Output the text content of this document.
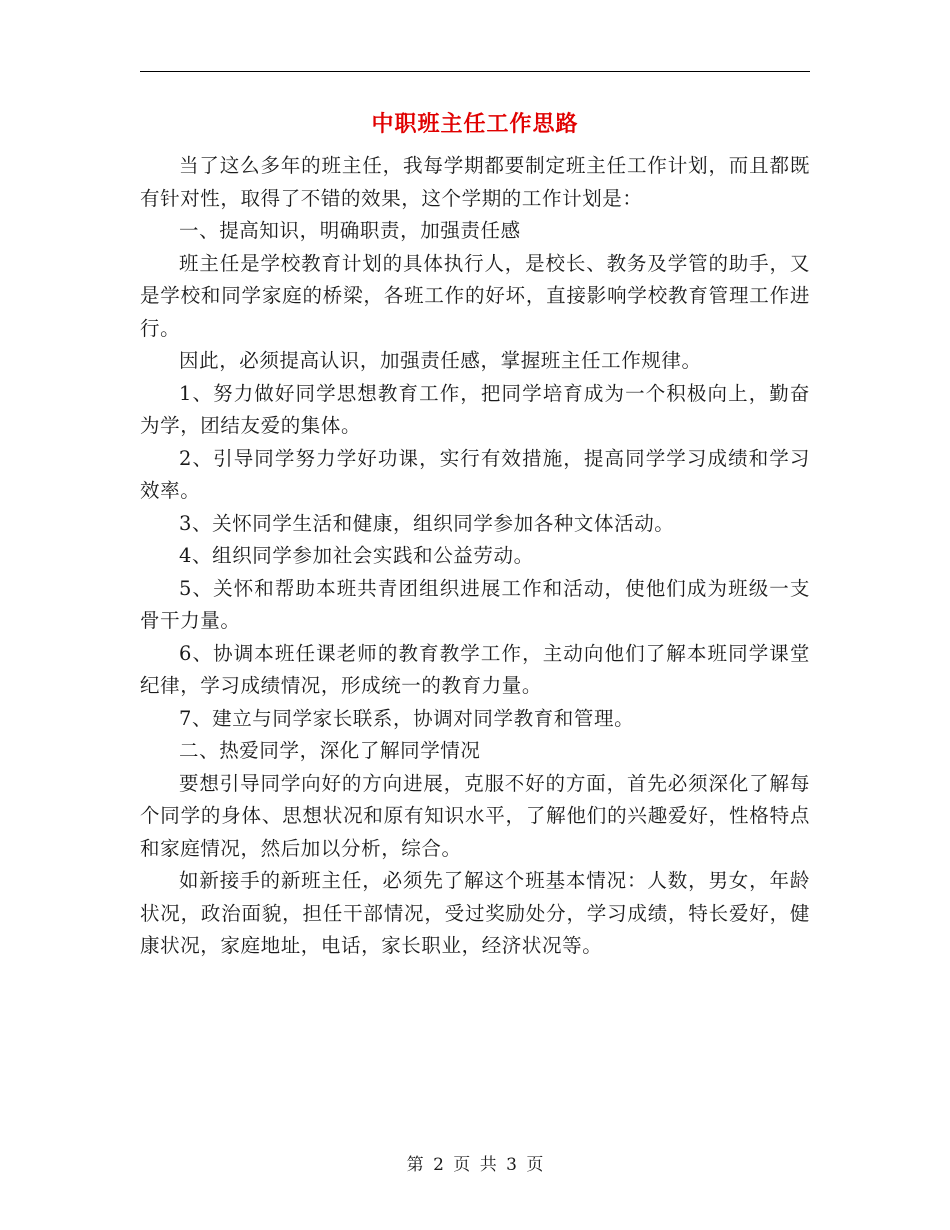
中职班主任工作思路

当了这么多年的班主任，我每学期都要制定班主任工作计划，而且都既有针对性，取得了不错的效果，这个学期的工作计划是：

一、提高知识，明确职责，加强责任感

班主任是学校教育计划的具体执行人，是校长、教务及学管的助手，又是学校和同学家庭的桥梁，各班工作的好坏，直接影响学校教育管理工作进行。

因此，必须提高认识，加强责任感，掌握班主任工作规律。

1、努力做好同学思想教育工作，把同学培育成为一个积极向上，勤奋为学，团结友爱的集体。

2、引导同学努力学好功课，实行有效措施，提高同学学习成绩和学习效率。

3、关怀同学生活和健康，组织同学参加各种文体活动。

4、组织同学参加社会实践和公益劳动。

5、关怀和帮助本班共青团组织进展工作和活动，使他们成为班级一支骨干力量。

6、协调本班任课老师的教育教学工作，主动向他们了解本班同学课堂纪律，学习成绩情况，形成统一的教育力量。

7、建立与同学家长联系，协调对同学教育和管理。

二、热爱同学，深化了解同学情况

要想引导同学向好的方向进展，克服不好的方面，首先必须深化了解每个同学的身体、思想状况和原有知识水平，了解他们的兴趣爱好，性格特点和家庭情况，然后加以分析，综合。

如新接手的新班主任，必须先了解这个班基本情况：人数，男女，年龄状况，政治面貌，担任干部情况，受过奖励处分，学习成绩，特长爱好，健康状况，家庭地址，电话，家长职业，经济状况等。

第 2 页 共 3 页
